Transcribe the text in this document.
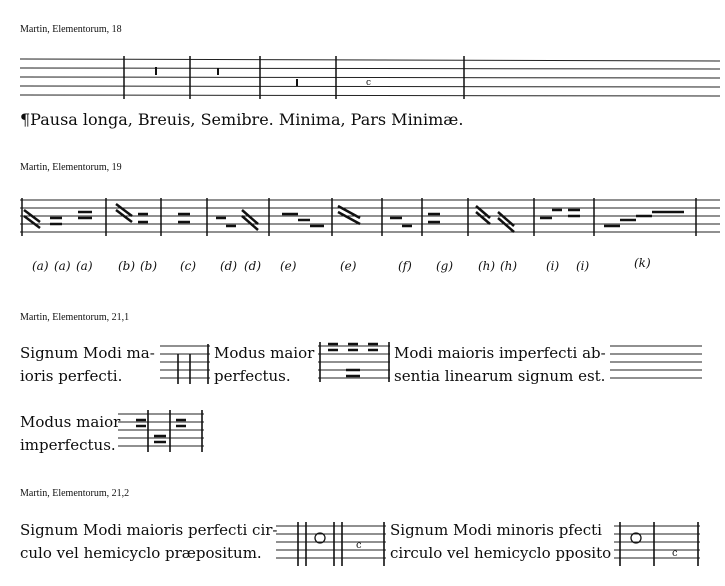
Martin, Elementorum, 18
c
¶Pausa longa, Breuis, Semibre. Minima, Pars Minimæ.
Martin, Elementorum, 19
(a) (a) (a) (b) (b) (c) (d) (d) (e)	(e)	(f) (g) (h) (h) (i) (i)	(k)
Martin, Elementorum, 21,1
Signum Modi ma-
ioris perfecti.
Modus maior
perfectus.
Modi maioris imperfecti ab-
sentia linearum signum est.
Modus maior
imperfectus.
Martin, Elementorum, 21,2
Signum Modi maioris perfecti cir-
culo vel hemicyclo præpositum.	c
Signum Modi minoris pfecti
circulo vel hemicyclo pposito	c
